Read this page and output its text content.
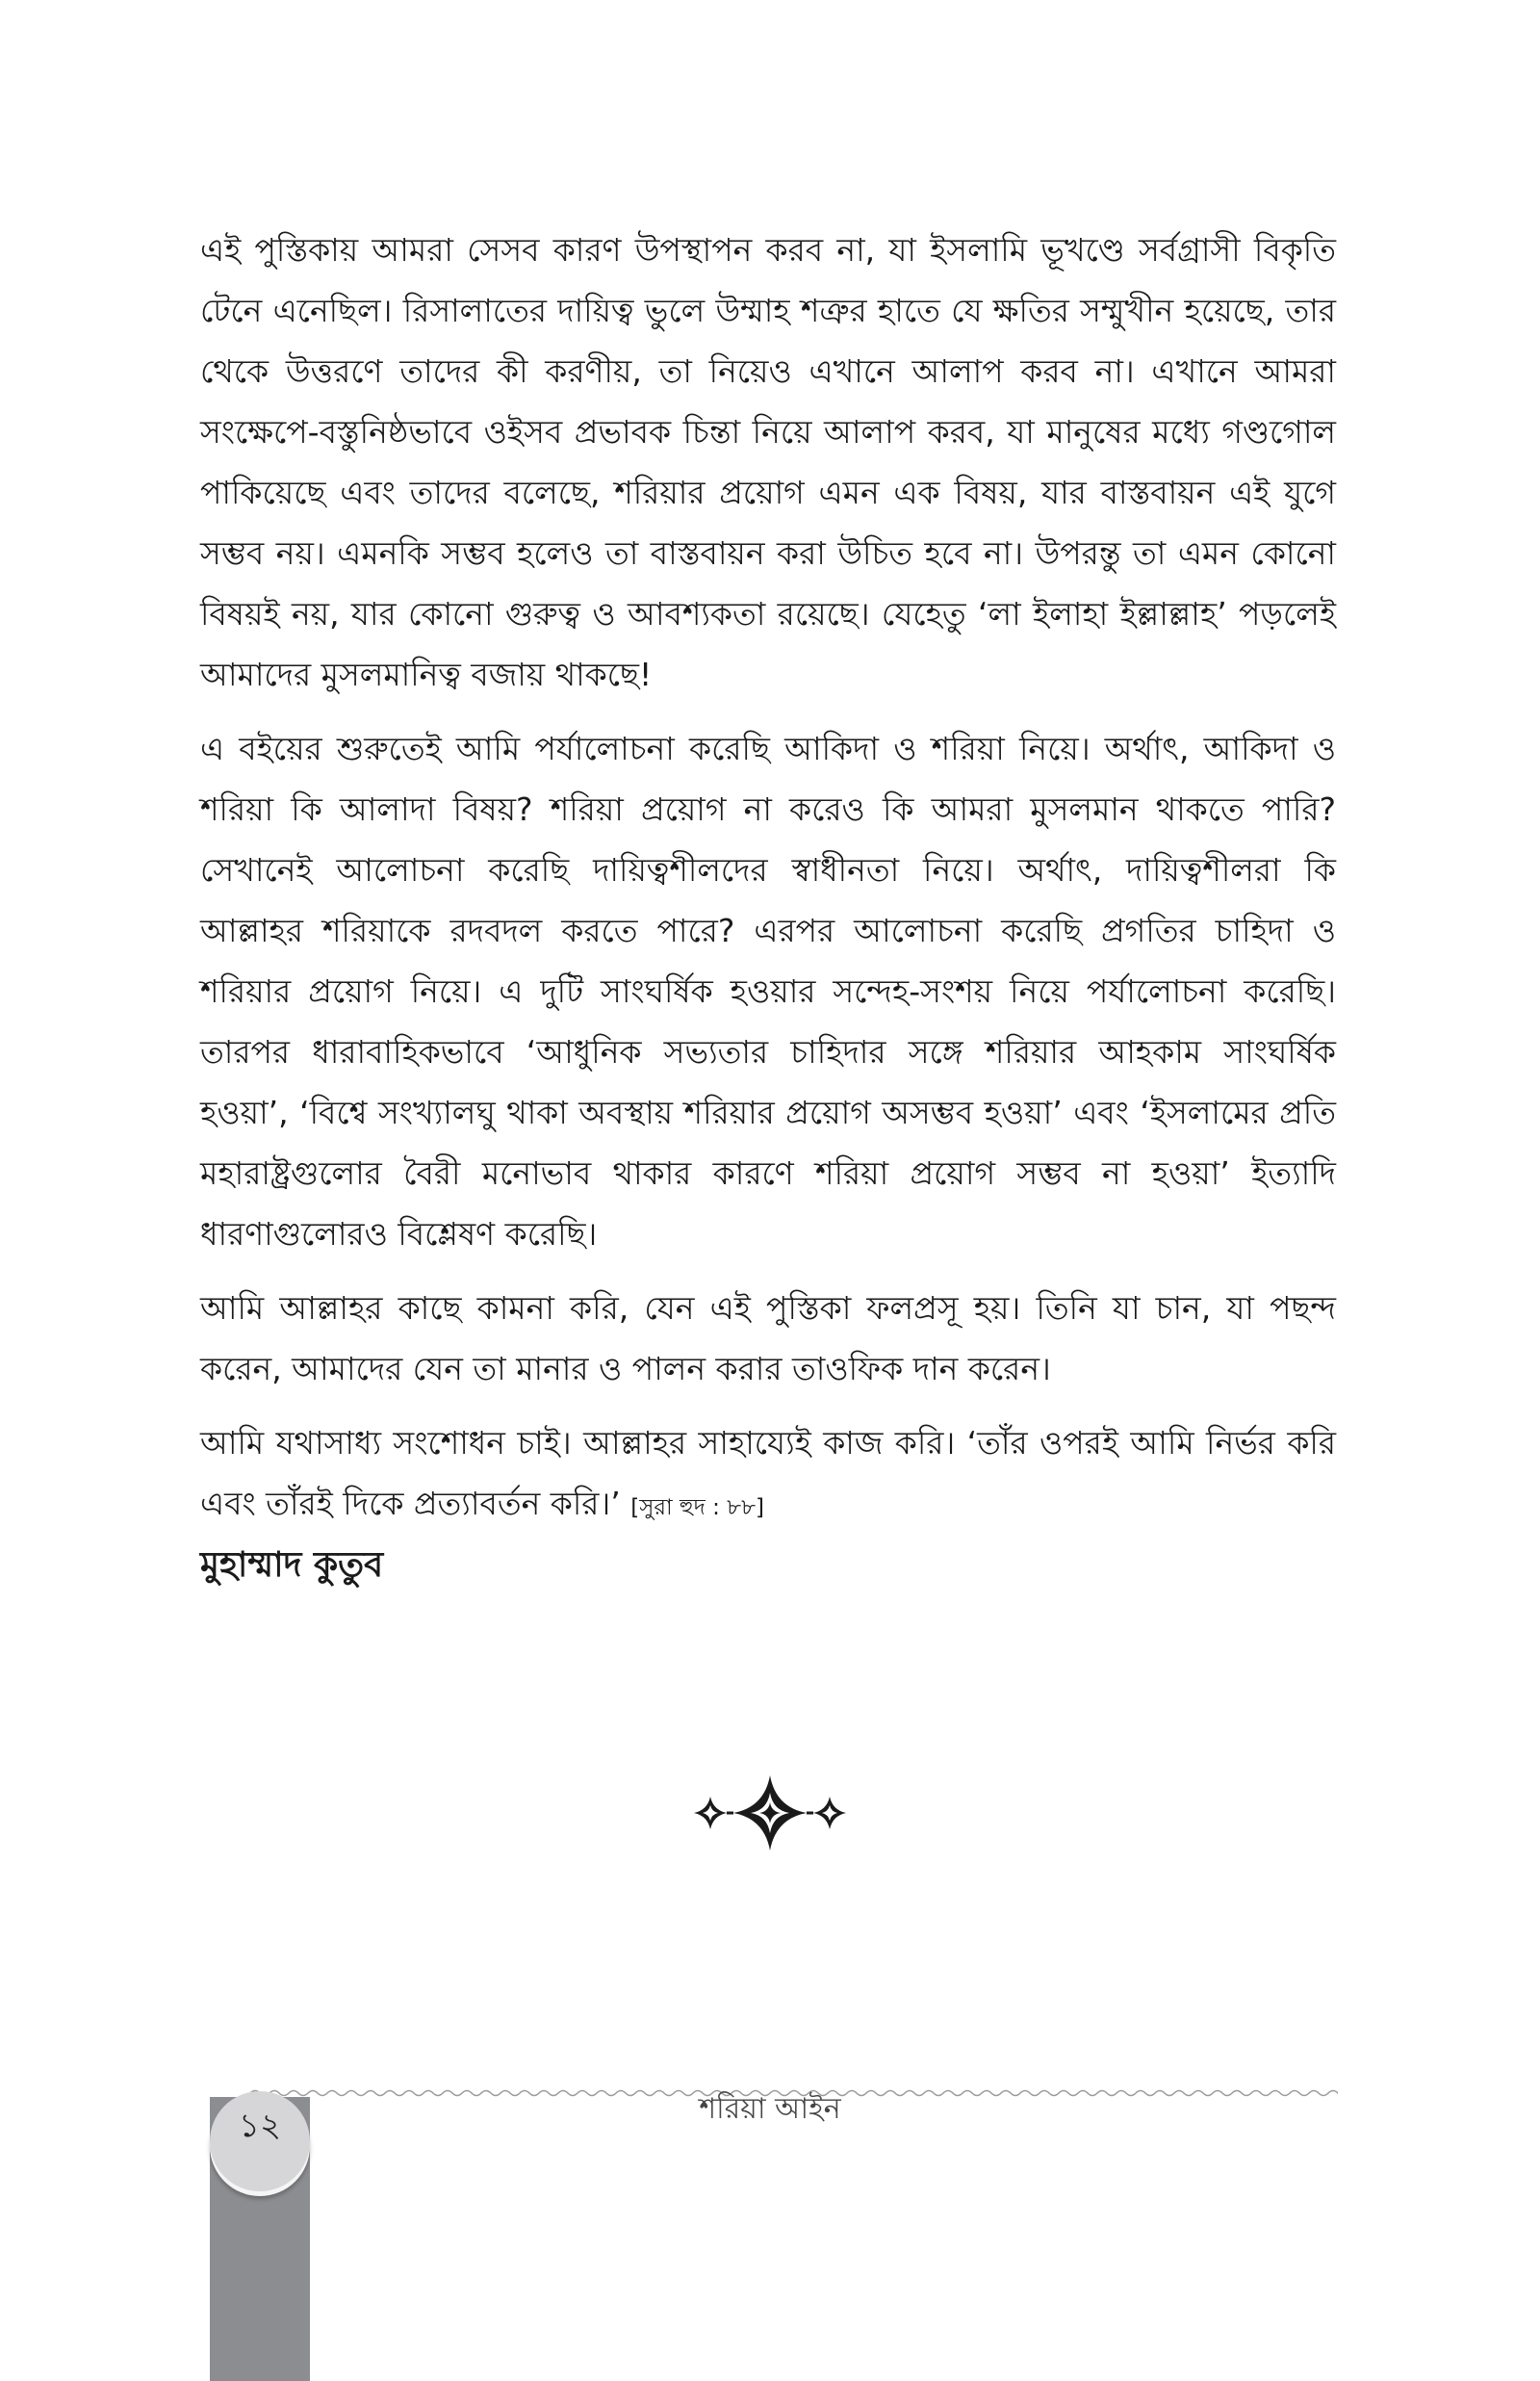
এই পুস্তিকায় আমরা সেসব কারণ উপস্থাপন করব না, যা ইসলামি ভূখণ্ডে সর্বগ্রাসী বিকৃতি টেনে এনেছিল। রিসালাতের দায়িত্ব ভুলে উম্মাহ শত্রুর হাতে যে ক্ষতির সম্মুখীন হয়েছে, তার থেকে উত্তরণে তাদের কী করণীয়, তা নিয়েও এখানে আলাপ করব না। এখানে আমরা সংক্ষেপে-বস্তুনিষ্ঠভাবে ওইসব প্রভাবক চিন্তা নিয়ে আলাপ করব, যা মানুষের মধ্যে গণ্ডগোল পাকিয়েছে এবং তাদের বলেছে, শরিয়ার প্রয়োগ এমন এক বিষয়, যার বাস্তবায়ন এই যুগে সম্ভব নয়। এমনকি সম্ভব হলেও তা বাস্তবায়ন করা উচিত হবে না। উপরন্তু তা এমন কোনো বিষয়ই নয়, যার কোনো গুরুত্ব ও আবশ্যকতা রয়েছে। যেহেতু ‘লা ইলাহা ইল্লাল্লাহ’ পড়লেই আমাদের মুসলমানিত্ব বজায় থাকছে!

এ বইয়ের শুরুতেই আমি পর্যালোচনা করেছি আকিদা ও শরিয়া নিয়ে। অর্থাৎ, আকিদা ও শরিয়া কি আলাদা বিষয়? শরিয়া প্রয়োগ না করেও কি আমরা মুসলমান থাকতে পারি? সেখানেই আলোচনা করেছি দায়িত্বশীলদের স্বাধীনতা নিয়ে। অর্থাৎ, দায়িত্বশীলরা কি আল্লাহর শরিয়াকে রদবদল করতে পারে? এরপর আলোচনা করেছি প্রগতির চাহিদা ও শরিয়ার প্রয়োগ নিয়ে। এ দুটি সাংঘর্ষিক হওয়ার সন্দেহ-সংশয় নিয়ে পর্যালোচনা করেছি। তারপর ধারাবাহিকভাবে ‘আধুনিক সভ্যতার চাহিদার সঙ্গে শরিয়ার আহকাম সাংঘর্ষিক হওয়া’, ‘বিশ্বে সংখ্যালঘু থাকা অবস্থায় শরিয়ার প্রয়োগ অসম্ভব হওয়া’ এবং ‘ইসলামের প্রতি মহারাষ্ট্রগুলোর বৈরী মনোভাব থাকার কারণে শরিয়া প্রয়োগ সম্ভব না হওয়া’ ইত্যাদি ধারণাগুলোরও বিশ্লেষণ করেছি।

আমি আল্লাহর কাছে কামনা করি, যেন এই পুস্তিকা ফলপ্রসূ হয়। তিনি যা চান, যা পছন্দ করেন, আমাদের যেন তা মানার ও পালন করার তাওফিক দান করেন।

আমি যথাসাধ্য সংশোধন চাই। আল্লাহর সাহায্যেই কাজ করি। ‘তাঁর ওপরই আমি নির্ভর করি এবং তাঁরই দিকে প্রত্যাবর্তন করি।’ [সুরা হুদ : ৮৮]

মুহাম্মাদ কুতুব

১২	শরিয়া আইন
